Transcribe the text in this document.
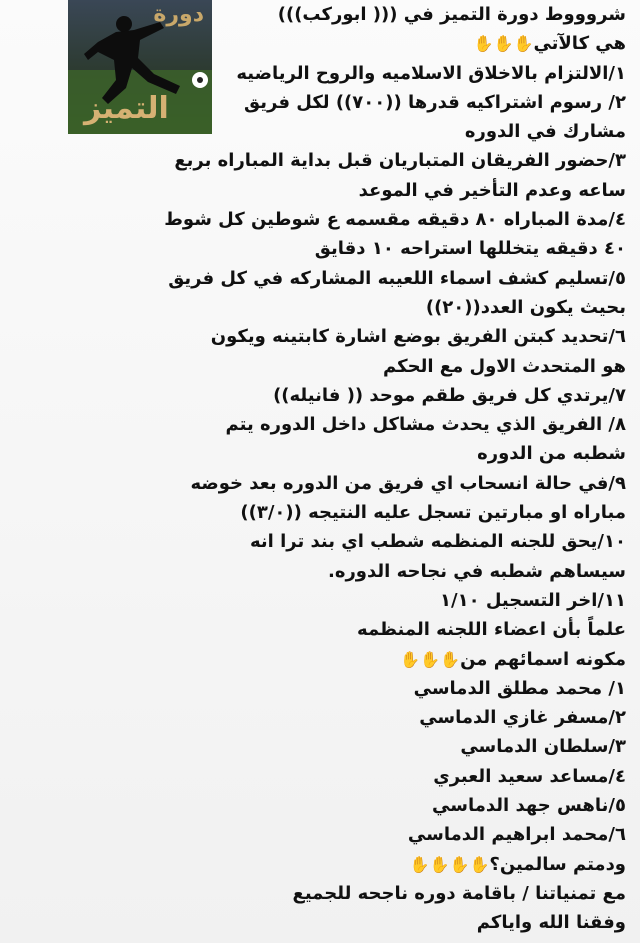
دورة
التميز
شروووط دورة التميز في ((( ابوركب)))
هي كالآتي✋✋✋
١/الالتزام بالاخلاق الاسلاميه والروح الرياضيه
٢/ رسوم اشتراكيه قدرها ((٧٠٠)) لكل فريق
مشارك في الدوره
٣/حضور الفريقان المتباريان قبل بداية المباراه بربع
ساعه وعدم التأخير في الموعد
٤/مدة المباراه ٨٠ دقيقه مقسمه ع شوطين كل شوط
٤٠ دقيقه يتخللها استراحه ١٠ دقايق
٥/تسليم كشف اسماء اللعيبه المشاركه في كل فريق
بحيث يكون العدد((٢٠))
٦/تحديد كبتن الفريق بوضع اشارة كابتينه ويكون
هو المتحدث الاول مع الحكم
٧/يرتدي كل فريق طقم موحد (( فانيله))
٨/ الفريق الذي يحدث مشاكل داخل الدوره يتم
شطبه من الدوره
٩/في حالة انسحاب اي فريق من الدوره بعد خوضه
مباراه او مبارتين تسجل عليه النتيجه ((٣/٠))
١٠/يحق للجنه المنظمه شطب اي بند ترا انه
سيساهم شطبه في نجاحه الدوره.
١١/اخر التسجيل ١/١٠
علماً بأن اعضاء اللجنه المنظمه
مكونه اسمائهم من✋✋✋
١/ محمد مطلق الدماسي
٢/مسفر غازي الدماسي
٣/سلطان الدماسي
٤/مساعد سعيد العبري
٥/ناهس جهد الدماسي
٦/محمد ابراهيم الدماسي
ودمتم سالمين؟✋✋✋✋
مع تمنياتنا / باقامة دوره ناجحه للجميع
وفقنا الله واياكم
